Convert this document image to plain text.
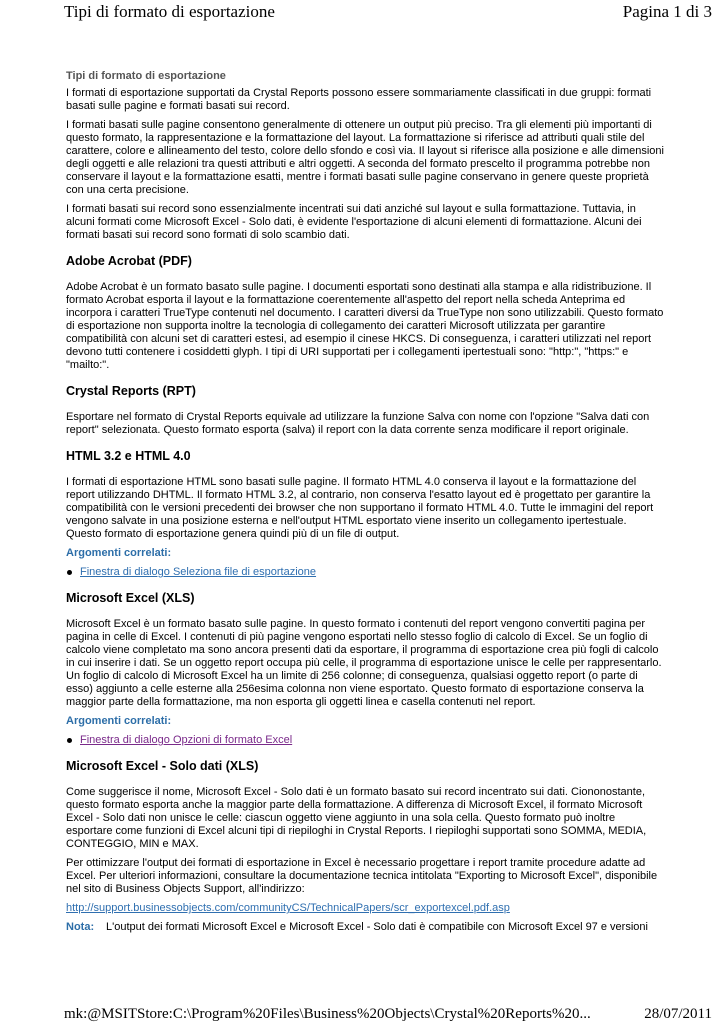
Tipi di formato di esportazione	Pagina 1 di 3
Tipi di formato di esportazione

I formati di esportazione supportati da Crystal Reports possono essere sommariamente classificati in due gruppi: formati basati sulle pagine e formati basati sui record.

I formati basati sulle pagine consentono generalmente di ottenere un output più preciso. Tra gli elementi più importanti di questo formato, la rappresentazione e la formattazione del layout. La formattazione si riferisce ad attributi quali stile del carattere, colore e allineamento del testo, colore dello sfondo e così via. Il layout si riferisce alla posizione e alle dimensioni degli oggetti e alle relazioni tra questi attributi e altri oggetti. A seconda del formato prescelto il programma potrebbe non conservare il layout e la formattazione esatti, mentre i formati basati sulle pagine conservano in genere queste proprietà con una certa precisione.

I formati basati sui record sono essenzialmente incentrati sui dati anziché sul layout e sulla formattazione. Tuttavia, in alcuni formati come Microsoft Excel - Solo dati, è evidente l'esportazione di alcuni elementi di formattazione. Alcuni dei formati basati sui record sono formati di solo scambio dati.

Adobe Acrobat (PDF)

Adobe Acrobat è un formato basato sulle pagine. I documenti esportati sono destinati alla stampa e alla ridistribuzione. Il formato Acrobat esporta il layout e la formattazione coerentemente all'aspetto del report nella scheda Anteprima ed incorpora i caratteri TrueType contenuti nel documento. I caratteri diversi da TrueType non sono utilizzabili. Questo formato di esportazione non supporta inoltre la tecnologia di collegamento dei caratteri Microsoft utilizzata per garantire compatibilità con alcuni set di caratteri estesi, ad esempio il cinese HKCS. Di conseguenza, i caratteri utilizzati nel report devono tutti contenere i cosiddetti glyph. I tipi di URI supportati per i collegamenti ipertestuali sono: "http:", "https:" e "mailto:".

Crystal Reports (RPT)

Esportare nel formato di Crystal Reports equivale ad utilizzare la funzione Salva con nome con l'opzione "Salva dati con report" selezionata. Questo formato esporta (salva) il report con la data corrente senza modificare il report originale.

HTML 3.2 e HTML 4.0

I formati di esportazione HTML sono basati sulle pagine. Il formato HTML 4.0 conserva il layout e la formattazione del report utilizzando DHTML. Il formato HTML 3.2, al contrario, non conserva l'esatto layout ed è progettato per garantire la compatibilità con le versioni precedenti dei browser che non supportano il formato HTML 4.0. Tutte le immagini del report vengono salvate in una posizione esterna e nell'output HTML esportato viene inserito un collegamento ipertestuale. Questo formato di esportazione genera quindi più di un file di output.

Argomenti correlati:
Finestra di dialogo Seleziona file di esportazione
Microsoft Excel (XLS)

Microsoft Excel è un formato basato sulle pagine. In questo formato i contenuti del report vengono convertiti pagina per pagina in celle di Excel. I contenuti di più pagine vengono esportati nello stesso foglio di calcolo di Excel. Se un foglio di calcolo viene completato ma sono ancora presenti dati da esportare, il programma di esportazione crea più fogli di calcolo in cui inserire i dati. Se un oggetto report occupa più celle, il programma di esportazione unisce le celle per rappresentarlo. Un foglio di calcolo di Microsoft Excel ha un limite di 256 colonne; di conseguenza, qualsiasi oggetto report (o parte di esso) aggiunto a celle esterne alla 256esima colonna non viene esportato. Questo formato di esportazione conserva la maggior parte della formattazione, ma non esporta gli oggetti linea e casella contenuti nel report.

Argomenti correlati:
Finestra di dialogo Opzioni di formato Excel
Microsoft Excel - Solo dati (XLS)

Come suggerisce il nome, Microsoft Excel - Solo dati è un formato basato sui record incentrato sui dati. Ciononostante, questo formato esporta anche la maggior parte della formattazione. A differenza di Microsoft Excel, il formato Microsoft Excel - Solo dati non unisce le celle: ciascun oggetto viene aggiunto in una sola cella. Questo formato può inoltre esportare come funzioni di Excel alcuni tipi di riepiloghi in Crystal Reports. I riepiloghi supportati sono SOMMA, MEDIA, CONTEGGIO, MIN e MAX.

Per ottimizzare l'output dei formati di esportazione in Excel è necessario progettare i report tramite procedure adatte ad Excel. Per ulteriori informazioni, consultare la documentazione tecnica intitolata "Exporting to Microsoft Excel", disponibile nel sito di Business Objects Support, all'indirizzo:

http://support.businessobjects.com/communityCS/TechnicalPapers/scr_exportexcel.pdf.asp

Nota:	L'output dei formati Microsoft Excel e Microsoft Excel - Solo dati è compatibile con Microsoft Excel 97 e versioni
mk:@MSITStore:C:\Program%20Files\Business%20Objects\Crystal%20Reports%20...	28/07/2011
